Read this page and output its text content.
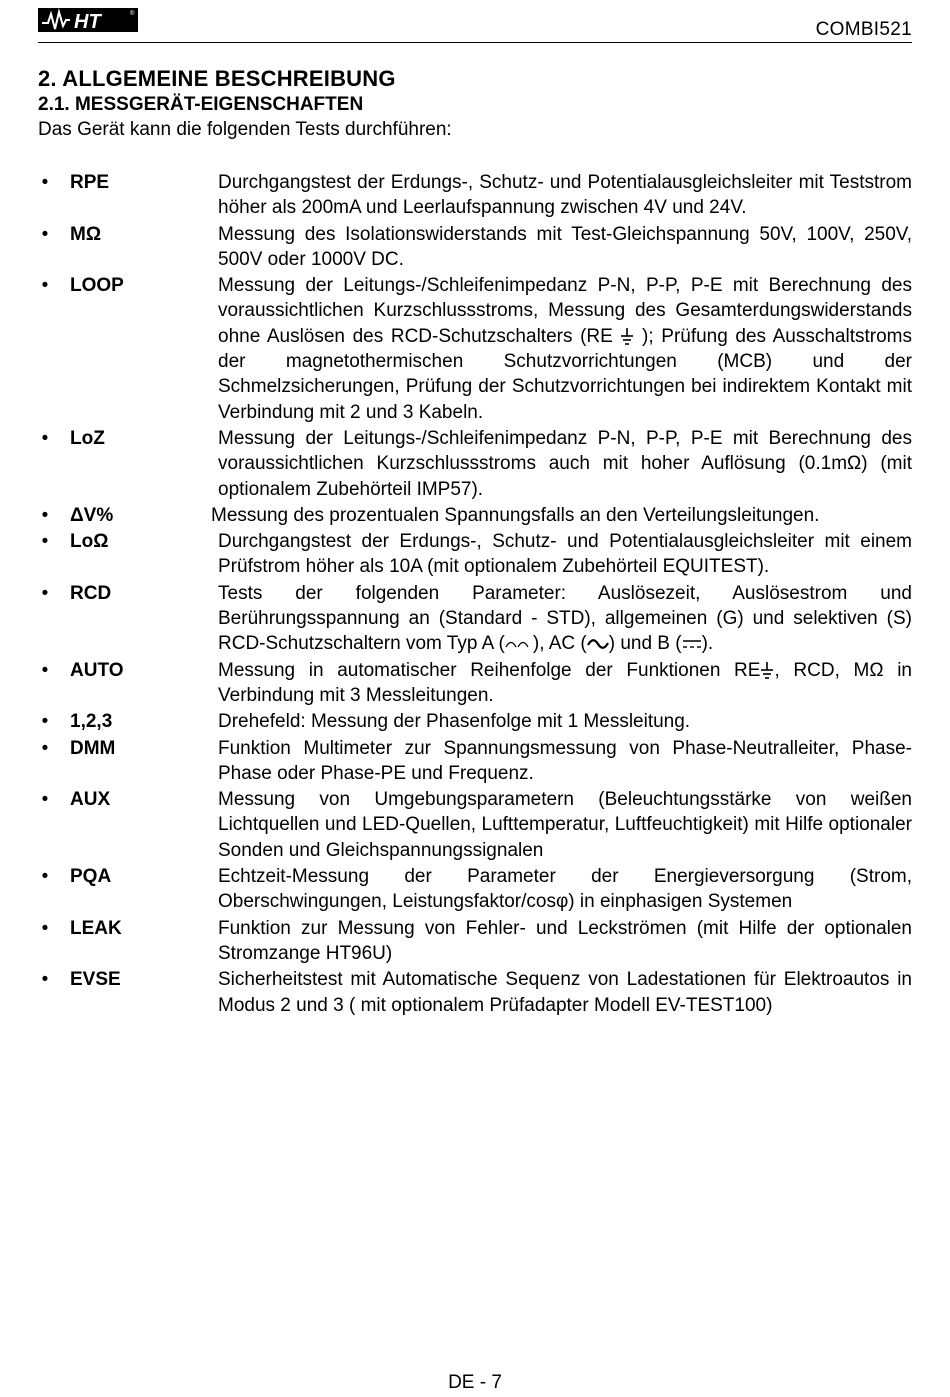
HT	®
COMBI521
2. ALLGEMEINE BESCHREIBUNG
2.1. MESSGERÄT-EIGENSCHAFTEN
Das Gerät kann die folgenden Tests durchführen:
•
RPE	Durchgangstest der Erdungs-, Schutz- und Potentialausgleichsleiter mit Teststrom höher als 200mA und Leerlaufspannung zwischen 4V und 24V.
•
MΩ	Messung des Isolationswiderstands mit Test-Gleichspannung 50V, 100V, 250V, 500V oder 1000V DC.
•
LOOP	Messung der Leitungs-/Schleifenimpedanz P-N, P-P, P-E mit Berechnung des voraussichtlichen Kurzschlussstroms, Messung des Gesamterdungswiderstands ohne Auslösen des RCD-Schutzschalters (RE ); Prüfung des Ausschaltstroms der magnetothermischen Schutzvorrichtungen (MCB) und der Schmelzsicherungen, Prüfung der Schutzvorrichtungen bei indirektem Kontakt mit Verbindung mit 2 und 3 Kabeln.
•
LoZ	Messung der Leitungs-/Schleifenimpedanz P-N, P-P, P-E mit Berechnung des voraussichtlichen Kurzschlussstroms auch mit hoher Auflösung (0.1mΩ) (mit optionalem Zubehörteil IMP57).
•
ΔV%	Messung des prozentualen Spannungsfalls an den Verteilungsleitungen.
•
LoΩ	Durchgangstest der Erdungs-, Schutz- und Potentialausgleichsleiter mit einem Prüfstrom höher als 10A (mit optionalem Zubehörteil EQUITEST).
•
RCD	Tests der folgenden Parameter: Auslösezeit, Auslösestrom und Berührungsspannung an (Standard - STD), allgemeinen (G) und selektiven (S) RCD-Schutzschaltern vom Typ A ( ), AC ( ) und B ( ).
•
AUTO	Messung in automatischer Reihenfolge der Funktionen RE , RCD, MΩ in Verbindung mit 3 Messleitungen.
•
1,2,3	Drehefeld: Messung der Phasenfolge mit 1 Messleitung.
•
DMM	Funktion Multimeter zur Spannungsmessung von Phase-Neutralleiter, Phase-Phase oder Phase-PE und Frequenz.
•
AUX	Messung von Umgebungsparametern (Beleuchtungsstärke von weißen Lichtquellen und LED-Quellen, Lufttemperatur, Luftfeuchtigkeit) mit Hilfe optionaler Sonden und Gleichspannungssignalen
•
PQA	Echtzeit-Messung der Parameter der Energieversorgung (Strom, Oberschwingungen, Leistungsfaktor/cosφ) in einphasigen Systemen
•
LEAK	Funktion zur Messung von Fehler- und Leckströmen (mit Hilfe der optionalen Stromzange HT96U)
•
EVSE	Sicherheitstest mit Automatische Sequenz von Ladestationen für Elektroautos in Modus 2 und 3 ( mit optionalem Prüfadapter Modell EV-TEST100)
DE - 7
